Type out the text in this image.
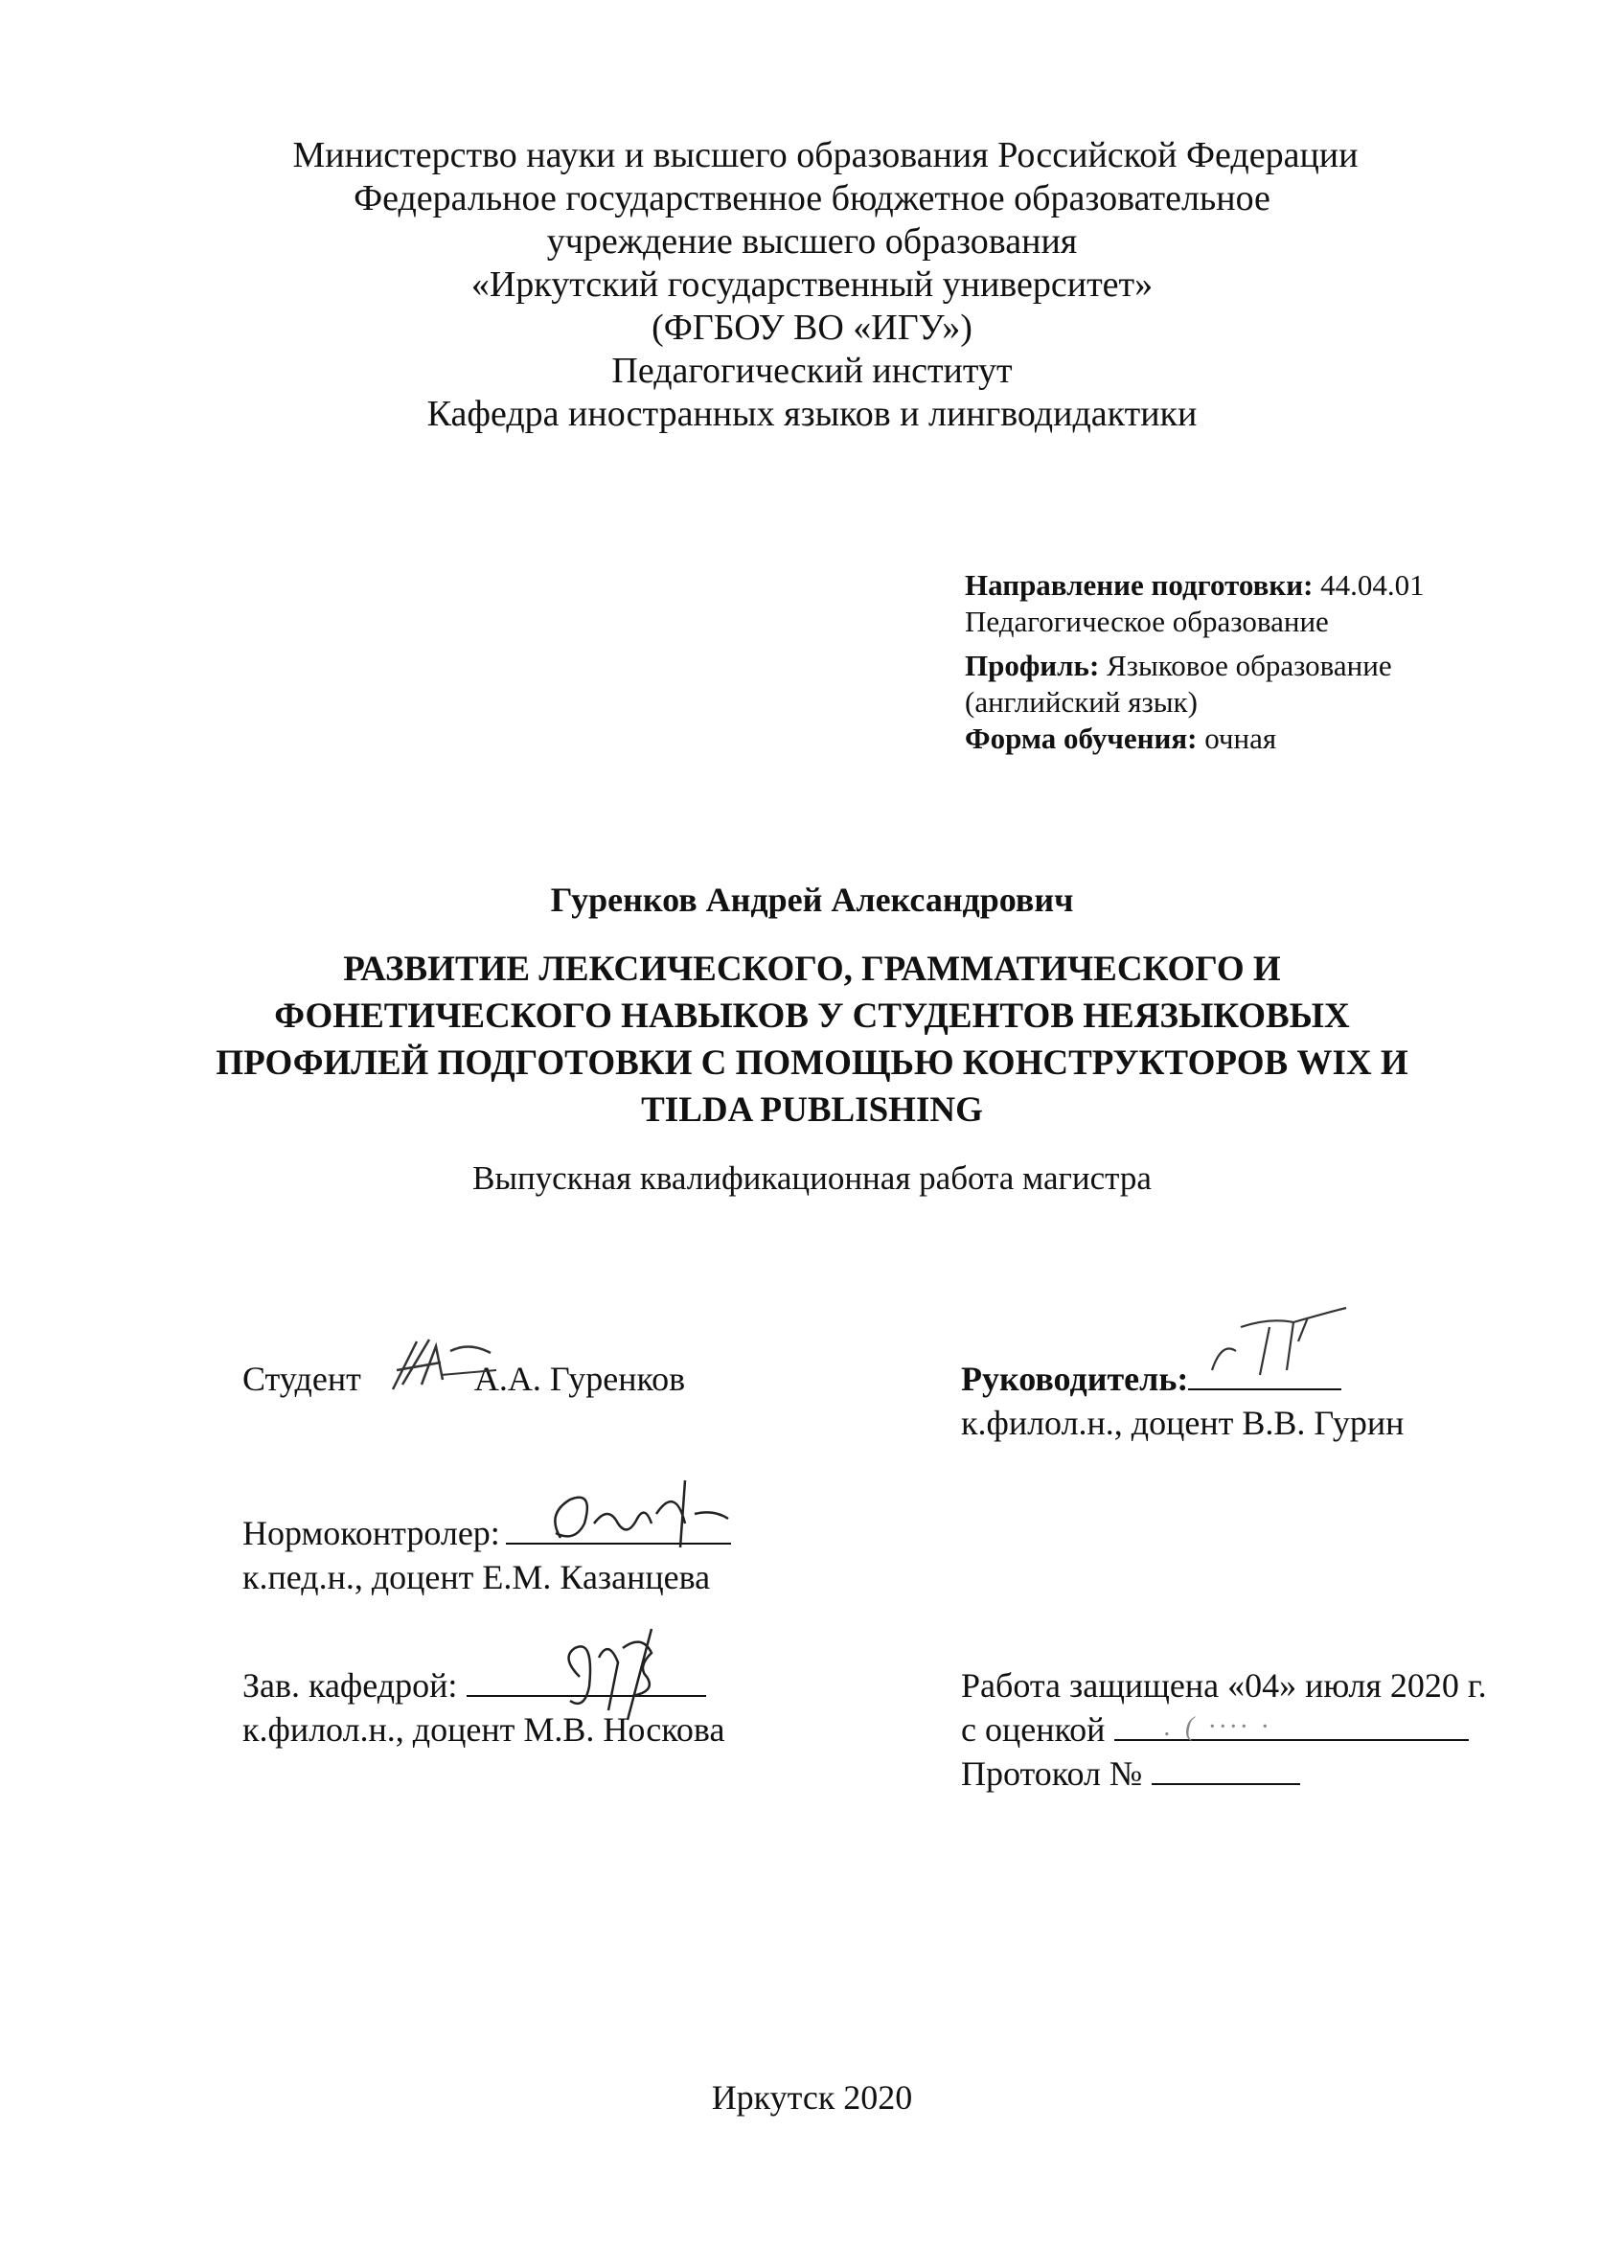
Министерство науки и высшего образования Российской Федерации
Федеральное государственное бюджетное образовательное
учреждение высшего образования
«Иркутский государственный университет»
(ФГБОУ ВО «ИГУ»)
Педагогический институт
Кафедра иностранных языков и лингводидактики
Направление подготовки: 44.04.01
Педагогическое образование
Профиль: Языковое образование
(английский язык)
Форма обучения: очная
Гуренков Андрей Александрович
РАЗВИТИЕ ЛЕКСИЧЕСКОГО, ГРАММАТИЧЕСКОГО И
ФОНЕТИЧЕСКОГО НАВЫКОВ У СТУДЕНТОВ НЕЯЗЫКОВЫХ
ПРОФИЛЕЙ ПОДГОТОВКИ С ПОМОЩЬЮ КОНСТРУКТОРОВ WIX И
TILDA PUBLISHING
Выпускная квалификационная работа магистра
Студент	А.А. Гуренков	Руководитель:
к.филол.н., доцент В.В. Гурин
Нормоконтролер:
к.пед.н., доцент Е.М. Казанцева
Зав. кафедрой:
к.филол.н., доцент М.В. Носкова
Работа защищена «04» июля 2020 г.
с оценкой	. ( ···· ·
Протокол №
Иркутск 2020
